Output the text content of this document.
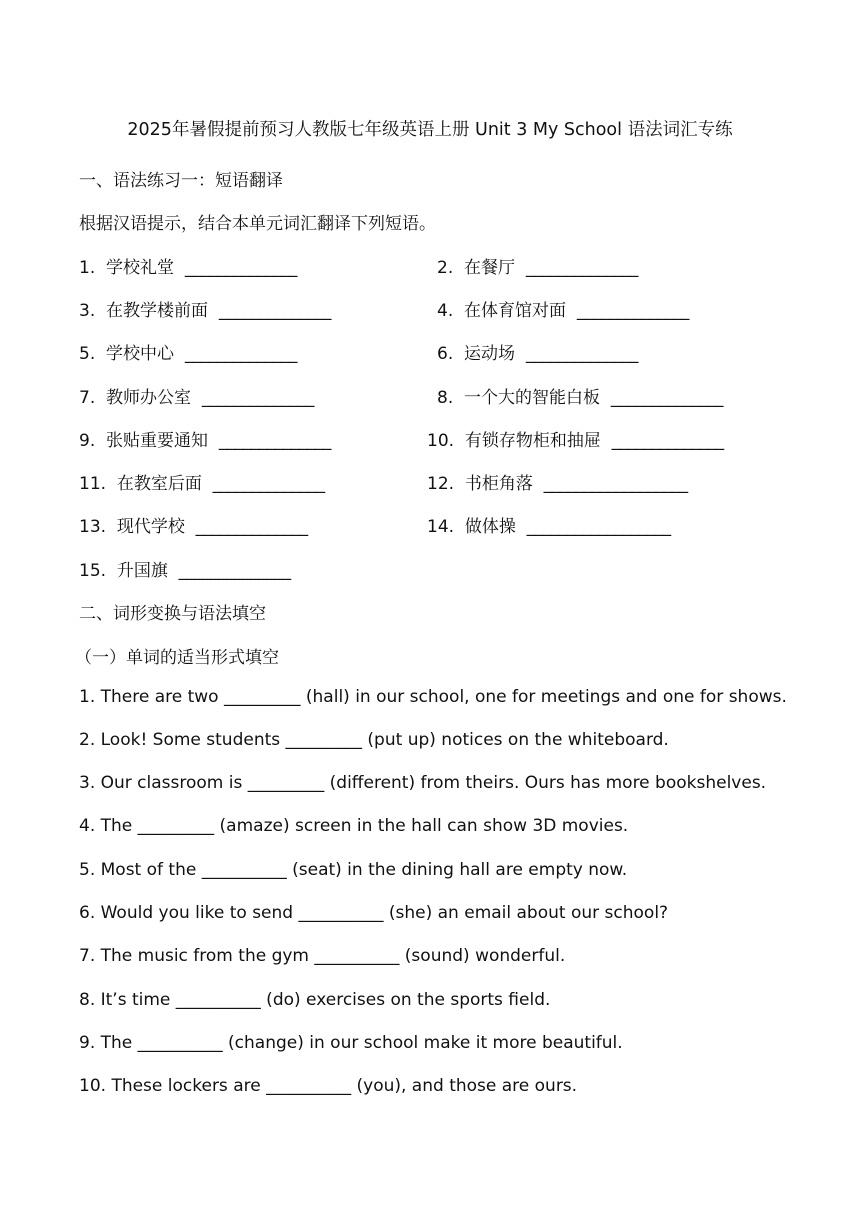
2025年暑假提前预习人教版七年级英语上册 Unit 3 My School 语法词汇专练
一、语法练习一：短语翻译
根据汉语提示，结合本单元词汇翻译下列短语。
1. 学校礼堂 ______________	2. 在餐厅 ______________
3. 在教学楼前面 ______________	4. 在体育馆对面 ______________
5. 学校中心 ______________	6. 运动场 ______________
7. 教师办公室 ______________	8. 一个大的智能白板 ______________
9. 张贴重要通知 ______________	10. 有锁存物柜和抽屉 ______________
11. 在教室后面 ______________	12. 书柜角落 __________________
13. 现代学校 ______________	14. 做体操 __________________
15. 升国旗 ______________
二、词形变换与语法填空
（一）单词的适当形式填空
1. There are two _________ (hall) in our school, one for meetings and one for shows.
2. Look! Some students _________ (put up) notices on the whiteboard.
3. Our classroom is _________ (different) from theirs. Ours has more bookshelves.
4. The _________ (amaze) screen in the hall can show 3D movies.
5. Most of the __________ (seat) in the dining hall are empty now.
6. Would you like to send __________ (she) an email about our school?
7. The music from the gym __________ (sound) wonderful.
8. It’s time __________ (do) exercises on the sports field.
9. The __________ (change) in our school make it more beautiful.
10. These lockers are __________ (you), and those are ours.
